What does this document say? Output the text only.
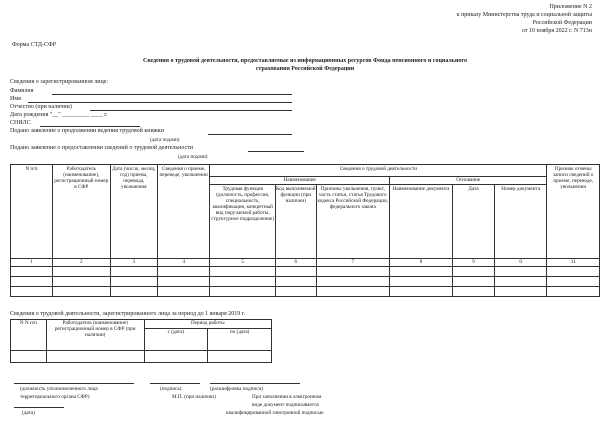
Приложение N 2
к приказу Министерства труда и социальной защиты
Российской Федерации
от 10 ноября 2022 г. N 713н
Форма СТД-СФР
Сведения о трудовой деятельности, предоставляемые из информационных ресурсов Фонда пенсионного и социального
страхования Российской Федерации
Сведения о зарегистрированном лице:
Фамилия
Имя
Отчество (при наличии)
Дата рождения "__" _________ ____ г.
СНИЛС
Подано заявление о продолжении ведения трудовой книжки
(дата подачи)
Подано заявление о предоставлении сведений о трудовой деятельности
(дата подачи)
N п/п	Работодатель (наименование), регистрационный номер в СФР	Дата (число, месяц, год) приема, перевода, увольнения	Сведения о приеме, переводе, увольнении	Сведения о трудовой деятельности						Признак отмены записи сведений о приеме, переводе, увольнении
				Наименование			Основание			
				Трудовая функция (должность, профессия, специальность, квалификация, конкретный вид поручаемой работы, структурное подразделение)	Код выполняемой функции (при наличии)	Причины увольнения, пункт, часть статьи, статья Трудового кодекса Российской Федерации, федерального закона	Наименование документа	Дата	Номер документа	
1	2	3	4	5	6	7	8	9	0	11

Сведения о трудовой деятельности, зарегистрированного лица за период до 1 января 2019 г.
N N п/п	Работодатель (наименование) регистрационный номер в СФР (при наличии)	Период работы	
		с (дата)	по (дата)

(должность уполномоченного лица
территориального органа СФР)
(подпись)	(расшифровка подписи)
М.П. (при наличии)	При заполнении в электронном
виде документ подписывается
квалифицированной электронной подписью
(дата)
